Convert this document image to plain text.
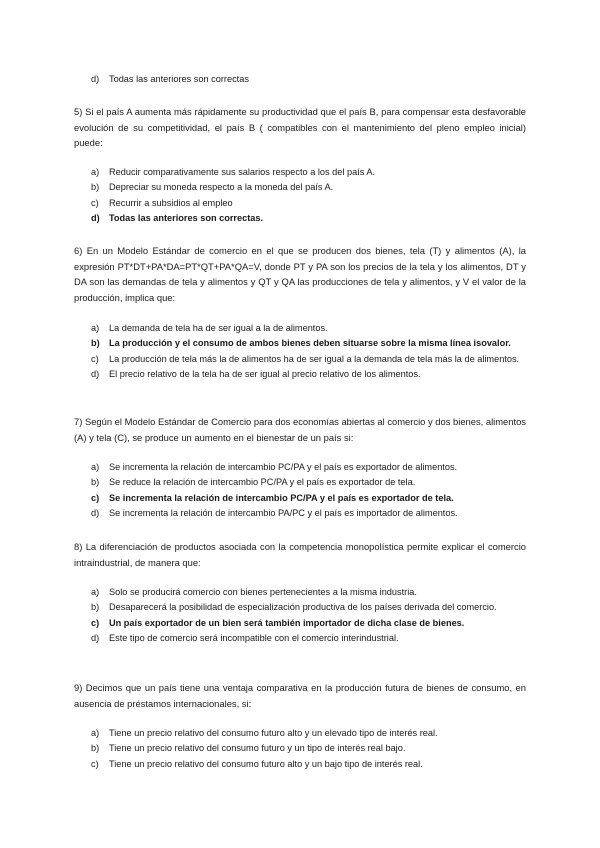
d) Todas las anteriores son correctas
5) Si el país A aumenta más rápidamente su productividad que el país B, para compensar esta desfavorable evolución de su competitividad, el país B ( compatibles con el mantenimiento del pleno empleo inicial) puede:
a) Reducir comparativamente sus salarios respecto a los del país A.
b) Depreciar su moneda respecto a la moneda del país A.
c) Recurrir a subsidios al empleo
d) Todas las anteriores son correctas.
6) En un Modelo Estándar de comercio en el que se producen dos bienes, tela (T) y alimentos (A), la expresión PT*DT+PA*DA=PT*QT+PA*QA=V, donde PT y PA son los precios de la tela y los alimentos, DT y DA son las demandas de tela y alimentos y QT y QA las producciones de tela y alimentos, y V el valor de la producción, implica que:
a) La demanda de tela ha de ser igual a la de alimentos.
b) La producción y el consumo de ambos bienes deben situarse sobre la misma línea isovalor.
c) La producción de tela más la de alimentos ha de ser igual a la demanda de tela más la de alimentos.
d) El precio relativo de la tela ha de ser igual al precio relativo de los alimentos.
7) Según el Modelo Estándar de Comercio para dos economías abiertas al comercio y dos bienes, alimentos (A) y tela (C), se produce un aumento en el bienestar de un país si:
a) Se incrementa la relación de intercambio PC/PA y el país es exportador de alimentos.
b) Se reduce la relación de intercambio PC/PA y el país es exportador de tela.
c) Se incrementa la relación de intercambio PC/PA y el país es exportador de tela.
d) Se incrementa la relación de intercambio PA/PC y el país es importador de alimentos.
8) La diferenciación de productos asociada con la competencia monopolística permite explicar el comercio intraindustrial, de manera que:
a) Solo se producirá comercio con bienes pertenecientes a la misma industria.
b) Desaparecerá la posibilidad de especialización productiva de los países derivada del comercio.
c) Un país exportador de un bien será también importador de dicha clase de bienes.
d) Este tipo de comercio será incompatible con el comercio interindustrial.
9) Decimos que un país tiene una ventaja comparativa en la producción futura de bienes de consumo, en ausencia de préstamos internacionales, si:
a) Tiene un precio relativo del consumo futuro alto y un elevado tipo de interés real.
b) Tiene un precio relativo del consumo futuro y un tipo de interés real bajo.
c) Tiene un precio relativo del consumo futuro alto y un bajo tipo de interés real.
